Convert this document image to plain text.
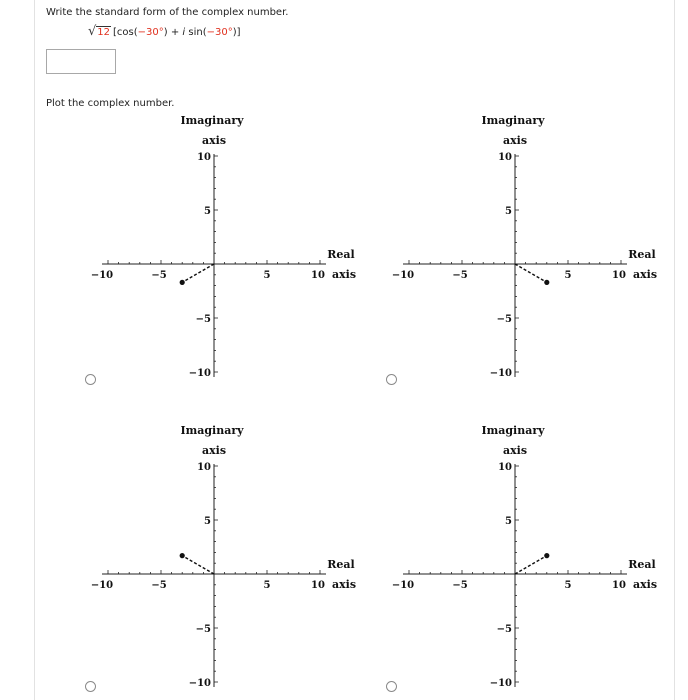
Write the standard form of the complex number.
√12 [cos(−30°) + i sin(−30°)]
Plot the complex number.
−10	−5	5	10
10
5
−5
−10
Imaginary
axis
Real
axis	−10	−5	5	10
10
5
−5
−10
Imaginary
axis
Real
axis
−10	−5	5	10
10
5
−5
−10
Imaginary
axis
Real
axis	−10	−5	5	10
10
5
−5
−10
Imaginary
axis
Real
axis
